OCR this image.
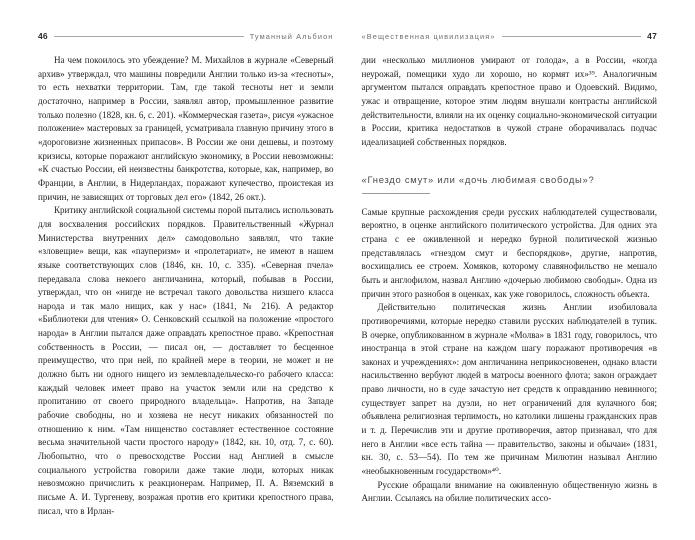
46	Туманный Альбион

На чем покоилось это убеждение? М. Михайлов в журнале «Северный архив» утверждал, что машины повредили Англии только из-за «тесноты», то есть нехватки территории. Там, где такой тесноты нет и земли достаточно, например в России, заявлял автор, промышленное развитие только полезно (1828, кн. 6, с. 201). «Коммерческая газета», рисуя «ужасное положение» мастеровых за границей, усматривала главную причину этого в «дороговизне жизненных припасов». В России же они дешевы, и поэтому кризисы, которые поражают английскую экономику, в России невозможны: «К счастью России, ей неизвестны банкротства, которые, как, например, во Франции, в Англии, в Нидерландах, поражают купечество, проистекая из причин, не зависящих от торговых дел его» (1842, 26 окт.).

Критику английской социальной системы порой пытались использовать для восхваления российских порядков. Правительственный «Журнал Министерства внутренних дел» самодовольно заявлял, что такие «зловещие» вещи, как «пауперизм» и «пролетариат», не имеют в нашем языке соответствующих слов (1846, кн. 10, с. 335). «Северная пчела» передавала слова некоего англичанина, который, побывав в России, утверждал, что он «нигде не встречал такого довольства низшего класса народа и так мало нищих, как у нас» (1841, № 216). А редактор «Библиотеки для чтения» О. Сенковский ссылкой на положение «простого народа» в Англии пытался даже оправдать крепостное право. «Крепостная собственность в России, — писал он, — доставляет то бесценное преимущество, что при ней, по крайней мере в теории, не может и не должно быть ни одного нищего из землевладельческо-го рабочего класса: каждый человек имеет право на участок земли или на средство к пропитанию от своего природного владельца». Напротив, на Западе рабочие свободны, но и хозяева не несут никаких обязанностей по отношению к ним. «Там нищенство составляет естественное состояние весьма значительной части простого народу» (1842, кн. 10, отд. 7, с. 60). Любопытно, что о превосходстве России над Англией в смысле социального устройства говорили даже такие люди, которых никак невозможно причислить к реакционерам. Например, П. А. Вяземский в письме А. И. Тургеневу, возражая против его критики крепостного права, писал, что в Ирлан-

«Вещественная цивилизация»	47

дии «несколько миллионов умирают от голода», а в России, «когда неурожай, помещики худо ли хорошо, но кормят их»³⁹. Аналогичным аргументом пытался оправдать крепостное право и Одоевский. Видимо, ужас и отвращение, которое этим людям внушали контрасты английской действительности, влияли на их оценку социально-экономической ситуации в России, критика недостатков в чужой стране оборачивалась подчас идеализацией собственных порядков.

«Гнездо смут» или «дочь любимая свободы»?

Самые крупные расхождения среди русских наблюдателей существовали, вероятно, в оценке английского политического устройства. Для одних эта страна с ее оживленной и нередко бурной политической жизнью представлялась «гнездом смут и беспорядков», другие, напротив, восхищались ее строем. Хомяков, которому славянофильство не мешало быть и англофилом, назвал Англию «дочерью любимою свободы». Одна из причин этого разнобоя в оценках, как уже говорилось, сложность объекта.

Действительно политическая жизнь Англии изобиловала противоречиями, которые нередко ставили русских наблюдателей в тупик. В очерке, опубликованном в журнале «Молва» в 1831 году, говорилось, что иностранца в этой стране на каждом шагу поражают противоречия «в законах и учреждениях»: дом англичанина неприкосновенен, однако власти насильственно вербуют людей в матросы военного флота; закон ограждает право личности, но в суде зачастую нет средств к оправданию невинного; существует запрет на дуэли, но нет ограничений для кулачного боя; объявлена религиозная терпимость, но католики лишены гражданских прав и т. д. Перечислив эти и другие противоречия, автор признавал, что для него в Англии «все есть тайна — правительство, законы и обычаи» (1831, кн. 30, с. 53—54). По тем же причинам Милютин называл Англию «необыкновенным государством»⁴⁰.

Русские обращали внимание на оживленную общественную жизнь в Англии. Ссылаясь на обилие политических ассо-
